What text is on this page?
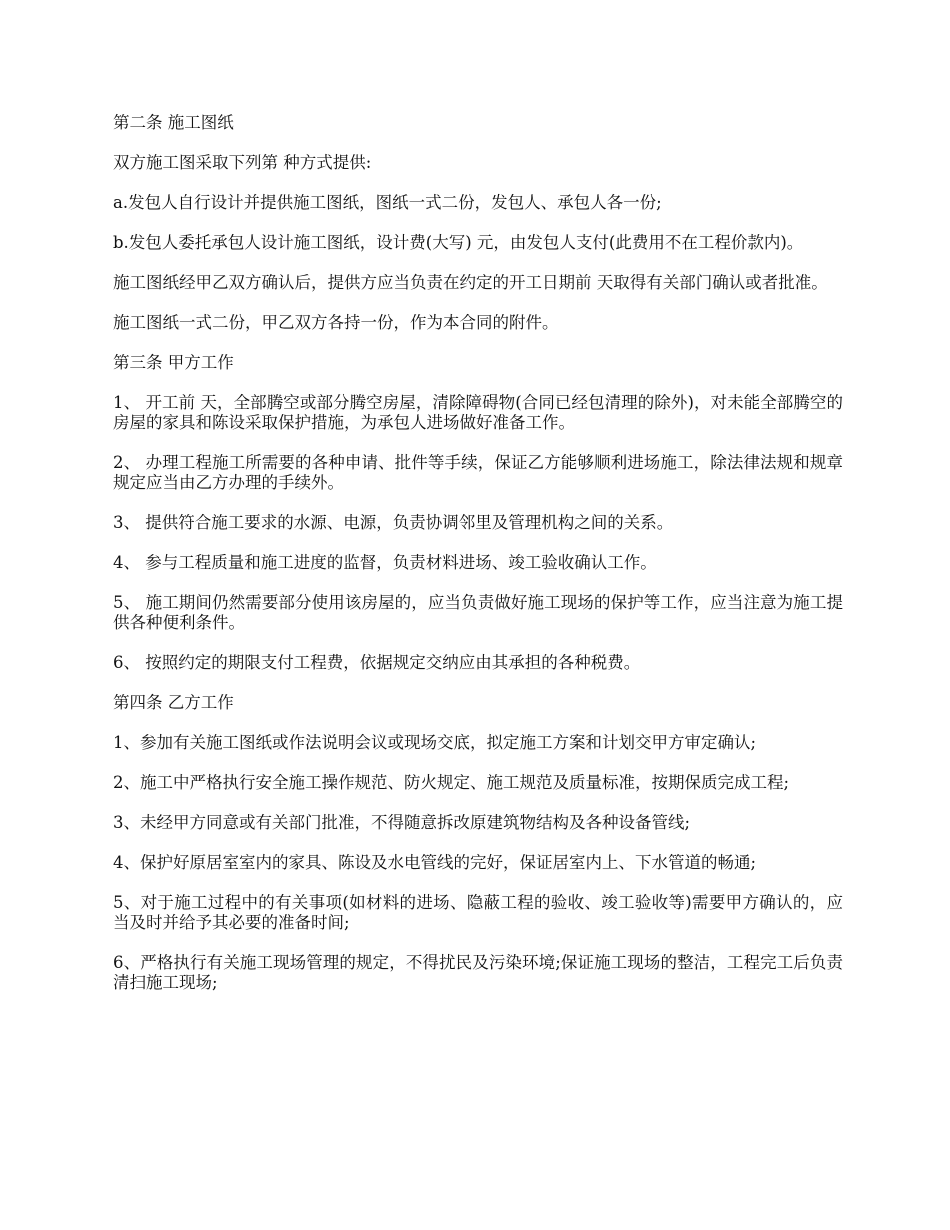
第二条 施工图纸

双方施工图采取下列第 种方式提供:

a.发包人自行设计并提供施工图纸，图纸一式二份，发包人、承包人各一份;

b.发包人委托承包人设计施工图纸，设计费(大写) 元，由发包人支付(此费用不在工程价款内)。

施工图纸经甲乙双方确认后，提供方应当负责在约定的开工日期前 天取得有关部门确认或者批准。

施工图纸一式二份，甲乙双方各持一份，作为本合同的附件。

第三条 甲方工作

1、 开工前 天，全部腾空或部分腾空房屋，清除障碍物(合同已经包清理的除外)，对未能全部腾空的房屋的家具和陈设采取保护措施，为承包人进场做好准备工作。

2、 办理工程施工所需要的各种申请、批件等手续，保证乙方能够顺利进场施工，除法律法规和规章规定应当由乙方办理的手续外。

3、 提供符合施工要求的水源、电源，负责协调邻里及管理机构之间的关系。

4、 参与工程质量和施工进度的监督，负责材料进场、竣工验收确认工作。

5、 施工期间仍然需要部分使用该房屋的，应当负责做好施工现场的保护等工作，应当注意为施工提供各种便利条件。

6、 按照约定的期限支付工程费，依据规定交纳应由其承担的各种税费。

第四条 乙方工作

1、参加有关施工图纸或作法说明会议或现场交底，拟定施工方案和计划交甲方审定确认;

2、施工中严格执行安全施工操作规范、防火规定、施工规范及质量标准，按期保质完成工程;

3、未经甲方同意或有关部门批准，不得随意拆改原建筑物结构及各种设备管线;

4、保护好原居室室内的家具、陈设及水电管线的完好，保证居室内上、下水管道的畅通;

5、对于施工过程中的有关事项(如材料的进场、隐蔽工程的验收、竣工验收等)需要甲方确认的，应当及时并给予其必要的准备时间;

6、严格执行有关施工现场管理的规定，不得扰民及污染环境;保证施工现场的整洁，工程完工后负责清扫施工现场;
